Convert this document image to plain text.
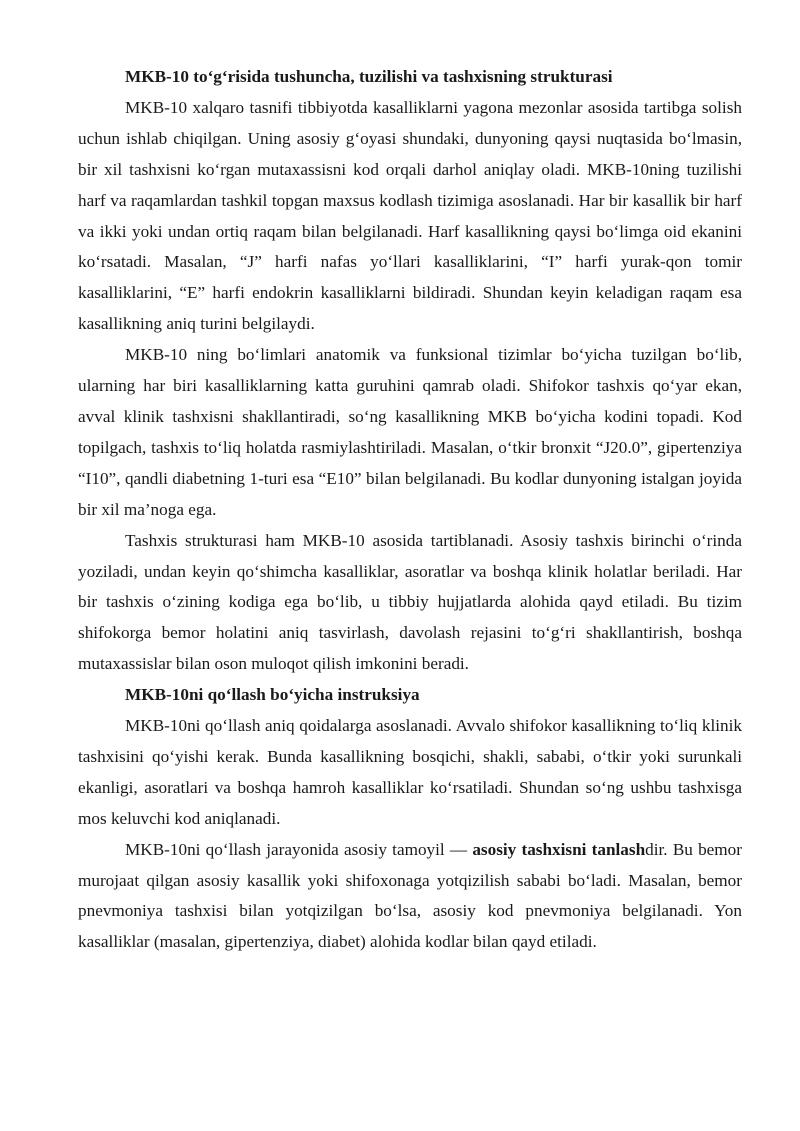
MKB-10 to‘g‘risida tushuncha, tuzilishi va tashxisning strukturasi

MKB-10 xalqaro tasnifi tibbiyotda kasalliklarni yagona mezonlar asosida tartibga solish uchun ishlab chiqilgan. Uning asosiy g‘oyasi shundaki, dunyoning qaysi nuqtasida bo‘lmasin, bir xil tashxisni ko‘rgan mutaxassisni kod orqali darhol aniqlay oladi. MKB-10ning tuzilishi harf va raqamlardan tashkil topgan maxsus kodlash tizimiga asoslanadi. Har bir kasallik bir harf va ikki yoki undan ortiq raqam bilan belgilanadi. Harf kasallikning qaysi bo‘limga oid ekanini ko‘rsatadi. Masalan, “J” harfi nafas yo‘llari kasalliklarini, “I” harfi yurak-qon tomir kasalliklarini, “E” harfi endokrin kasalliklarni bildiradi. Shundan keyin keladigan raqam esa kasallikning aniq turini belgilaydi.

MKB-10 ning bo‘limlari anatomik va funksional tizimlar bo‘yicha tuzilgan bo‘lib, ularning har biri kasalliklarning katta guruhini qamrab oladi. Shifokor tashxis qo‘yar ekan, avval klinik tashxisni shakllantiradi, so‘ng kasallikning MKB bo‘yicha kodini topadi. Kod topilgach, tashxis to‘liq holatda rasmiylashtiriladi. Masalan, o‘tkir bronxit “J20.0”, gipertenziya “I10”, qandli diabetning 1-turi esa “E10” bilan belgilanadi. Bu kodlar dunyoning istalgan joyida bir xil ma’noga ega.

Tashxis strukturasi ham MKB-10 asosida tartiblanadi. Asosiy tashxis birinchi o‘rinda yoziladi, undan keyin qo‘shimcha kasalliklar, asoratlar va boshqa klinik holatlar beriladi. Har bir tashxis o‘zining kodiga ega bo‘lib, u tibbiy hujjatlarda alohida qayd etiladi. Bu tizim shifokorga bemor holatini aniq tasvirlash, davolash rejasini to‘g‘ri shakllantirish, boshqa mutaxassislar bilan oson muloqot qilish imkonini beradi.

MKB-10ni qo‘llash bo‘yicha instruksiya

MKB-10ni qo‘llash aniq qoidalarga asoslanadi. Avvalo shifokor kasallikning to‘liq klinik tashxisini qo‘yishi kerak. Bunda kasallikning bosqichi, shakli, sababi, o‘tkir yoki surunkali ekanligi, asoratlari va boshqa hamroh kasalliklar ko‘rsatiladi. Shundan so‘ng ushbu tashxisga mos keluvchi kod aniqlanadi.

MKB-10ni qo‘llash jarayonida asosiy tamoyil — asosiy tashxisni tanlashdir. Bu bemor murojaat qilgan asosiy kasallik yoki shifoxonaga yotqizilish sababi bo‘ladi. Masalan, bemor pnevmoniya tashxisi bilan yotqizilgan bo‘lsa, asosiy kod pnevmoniya belgilanadi. Yon kasalliklar (masalan, gipertenziya, diabet) alohida kodlar bilan qayd etiladi.
